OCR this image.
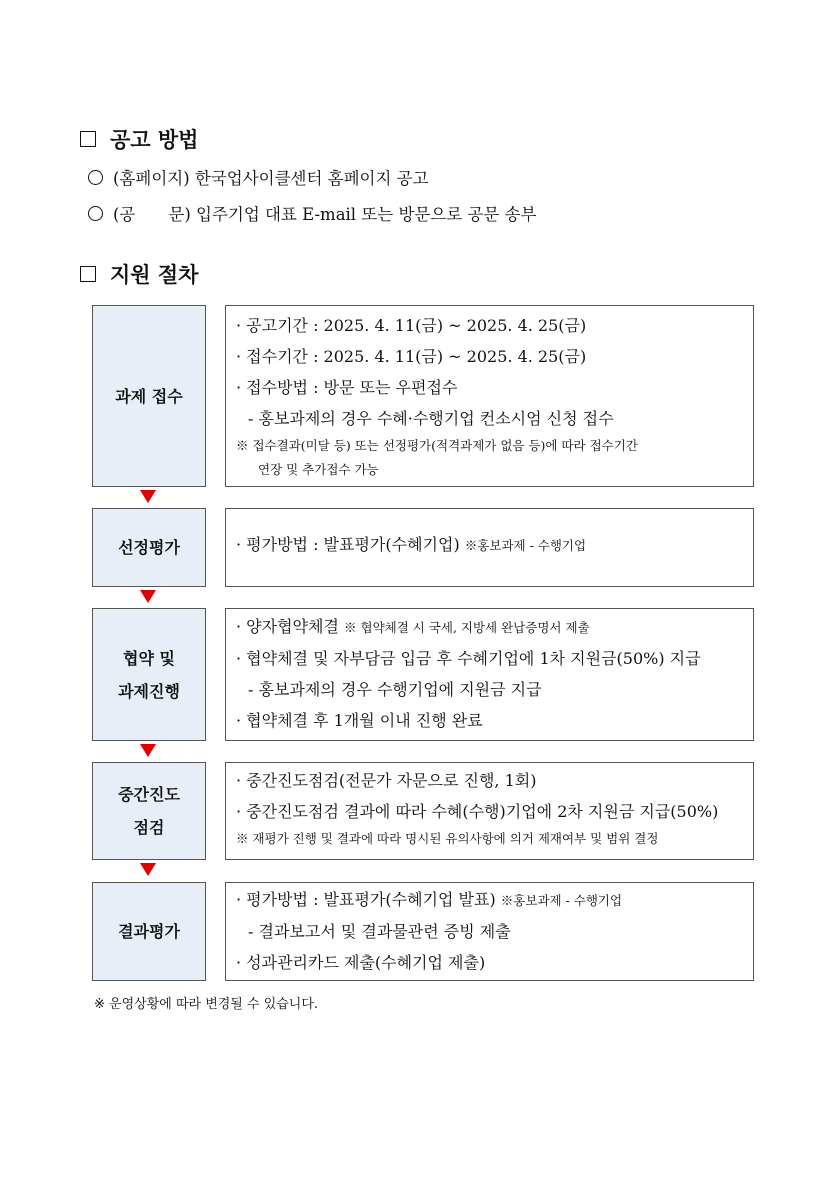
공고 방법
(홈페이지) 한국업사이클센터 홈페이지 공고
(공　　문) 입주기업 대표 E-mail 또는 방문으로 공문 송부
지원 절차
과제 접수
· 공고기간 : 2025. 4. 11(금) ~ 2025. 4. 25(금)
· 접수기간 : 2025. 4. 11(금) ~ 2025. 4. 25(금)
· 접수방법 : 방문 또는 우편접수
- 홍보과제의 경우 수혜·수행기업 컨소시엄 신청 접수
※ 접수결과(미달 등) 또는 선정평가(적격과제가 없음 등)에 따라 접수기간
연장 및 추가접수 가능
선정평가	· 평가방법 : 발표평가(수혜기업) ※홍보과제 - 수행기업
협약 및
과제진행
· 양자협약체결 ※ 협약체결 시 국세, 지방세 완납증명서 제출
· 협약체결 및 자부담금 입금 후 수혜기업에 1차 지원금(50%) 지급
- 홍보과제의 경우 수행기업에 지원금 지급
· 협약체결 후 1개월 이내 진행 완료
중간진도
점검
· 중간진도점검(전문가 자문으로 진행, 1회)
· 중간진도점검 결과에 따라 수혜(수행)기업에 2차 지원금 지급(50%)
※ 재평가 진행 및 결과에 따라 명시된 유의사항에 의거 제재여부 및 범위 결정
결과평가
· 평가방법 : 발표평가(수혜기업 발표) ※홍보과제 - 수행기업
- 결과보고서 및 결과물관련 증빙 제출
· 성과관리카드 제출(수혜기업 제출)
※ 운영상황에 따라 변경될 수 있습니다.
